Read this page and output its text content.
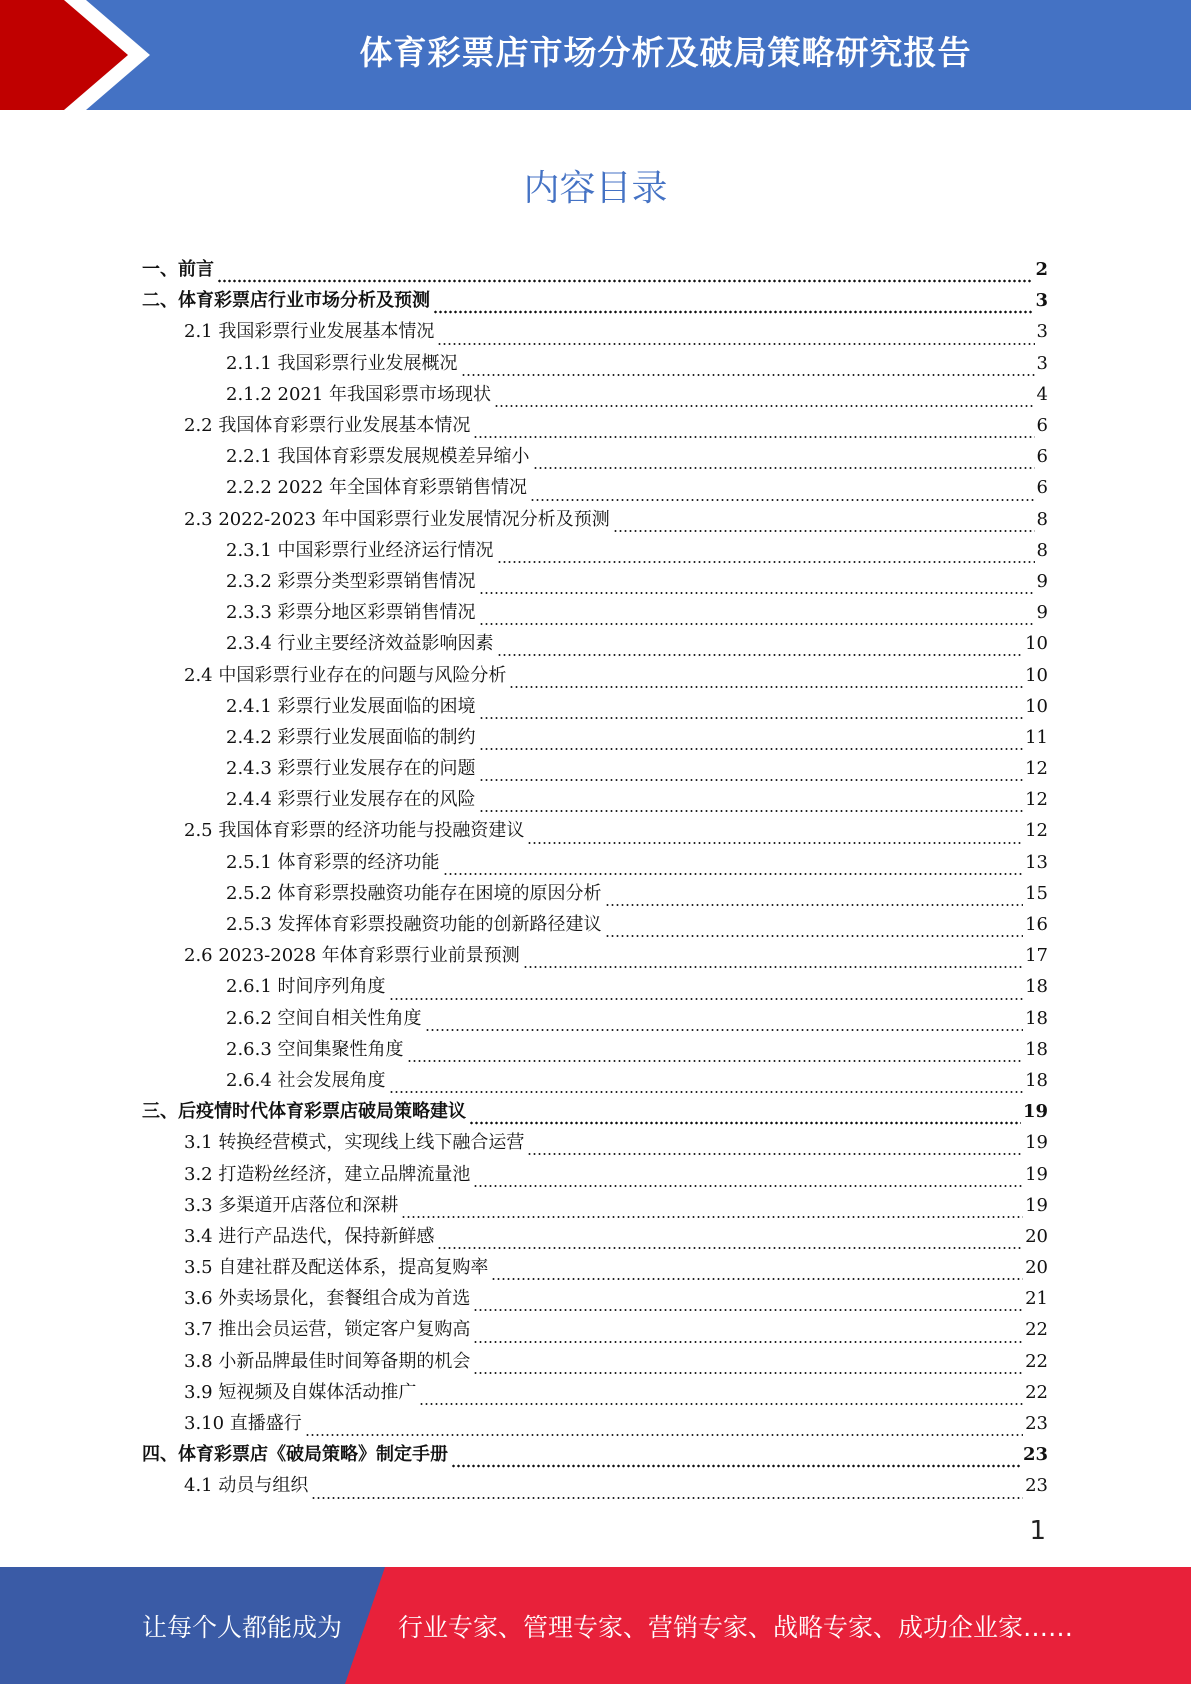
体育彩票店市场分析及破局策略研究报告
内容目录
一、前言	2
二、体育彩票店行业市场分析及预测	3
2.1 我国彩票行业发展基本情况	3
2.1.1 我国彩票行业发展概况	3
2.1.2 2021 年我国彩票市场现状	4
2.2 我国体育彩票行业发展基本情况	6
2.2.1 我国体育彩票发展规模差异缩小	6
2.2.2 2022 年全国体育彩票销售情况	6
2.3 2022-2023 年中国彩票行业发展情况分析及预测	8
2.3.1 中国彩票行业经济运行情况	8
2.3.2 彩票分类型彩票销售情况	9
2.3.3 彩票分地区彩票销售情况	9
2.3.4 行业主要经济效益影响因素	10
2.4 中国彩票行业存在的问题与风险分析	10
2.4.1 彩票行业发展面临的困境	10
2.4.2 彩票行业发展面临的制约	11
2.4.3 彩票行业发展存在的问题	12
2.4.4 彩票行业发展存在的风险	12
2.5 我国体育彩票的经济功能与投融资建议	12
2.5.1 体育彩票的经济功能	13
2.5.2 体育彩票投融资功能存在困境的原因分析	15
2.5.3 发挥体育彩票投融资功能的创新路径建议	16
2.6 2023-2028 年体育彩票行业前景预测	17
2.6.1 时间序列角度	18
2.6.2 空间自相关性角度	18
2.6.3 空间集聚性角度	18
2.6.4 社会发展角度	18
三、后疫情时代体育彩票店破局策略建议	19
3.1 转换经营模式，实现线上线下融合运营	19
3.2 打造粉丝经济，建立品牌流量池	19
3.3 多渠道开店落位和深耕	19
3.4 进行产品迭代，保持新鲜感	20
3.5 自建社群及配送体系，提高复购率	20
3.6 外卖场景化，套餐组合成为首选	21
3.7 推出会员运营，锁定客户复购高	22
3.8 小新品牌最佳时间筹备期的机会	22
3.9 短视频及自媒体活动推广	22
3.10 直播盛行	23
四、体育彩票店《破局策略》制定手册	23
4.1 动员与组织	23
1
让每个人都能成为 行业专家、管理专家、营销专家、战略专家、成功企业家……
